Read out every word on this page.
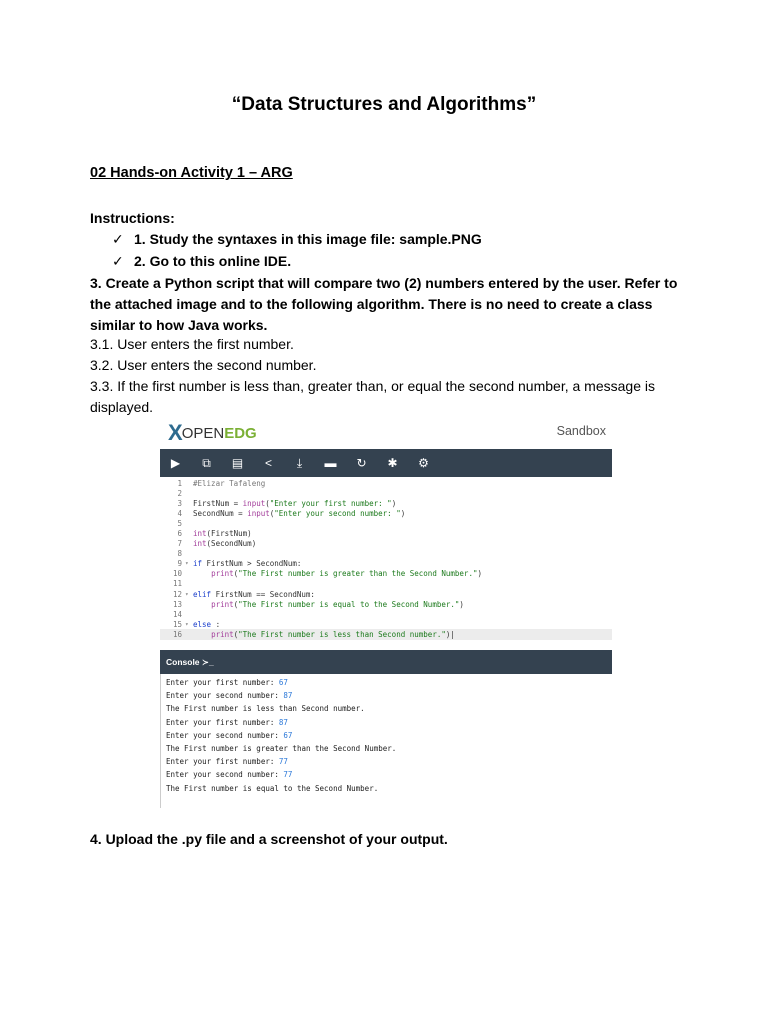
“Data Structures and Algorithms”
02 Hands-on Activity 1 – ARG
Instructions:
✓ 1. Study the syntaxes in this image file: sample.PNG
✓ 2. Go to this online IDE.
3. Create a Python script that will compare two (2) numbers entered by the user. Refer to the attached image and to the following algorithm. There is no need to create a class similar to how Java works.
3.1. User enters the first number.
3.2. User enters the second number.
3.3. If the first number is less than, greater than, or equal the second number, a message is displayed.
X OPEN EDG	Sandbox
▶	⧉	▤	<	⤓	▬	↻	✱	⚙
1	#Elizar Tafaleng
2
3	FirstNum = input("Enter your first number: ")
4	SecondNum = input("Enter your second number: ")
5
6	int(FirstNum)
7	int(SecondNum)
8
9 ▾ if FirstNum > SecondNum:
10	print("The First number is greater than the Second Number.")
11
12 ▾ elif FirstNum == SecondNum:
13	print("The First number is equal to the Second Number.")
14
15 ▾ else :
16	print("The First number is less than Second number.")|
Console ≻_
Enter your first number: 67
Enter your second number: 87
The First number is less than Second number.
Enter your first number: 87
Enter your second number: 67
The First number is greater than the Second Number.
Enter your first number: 77
Enter your second number: 77
The First number is equal to the Second Number.
4. Upload the .py file and a screenshot of your output.
